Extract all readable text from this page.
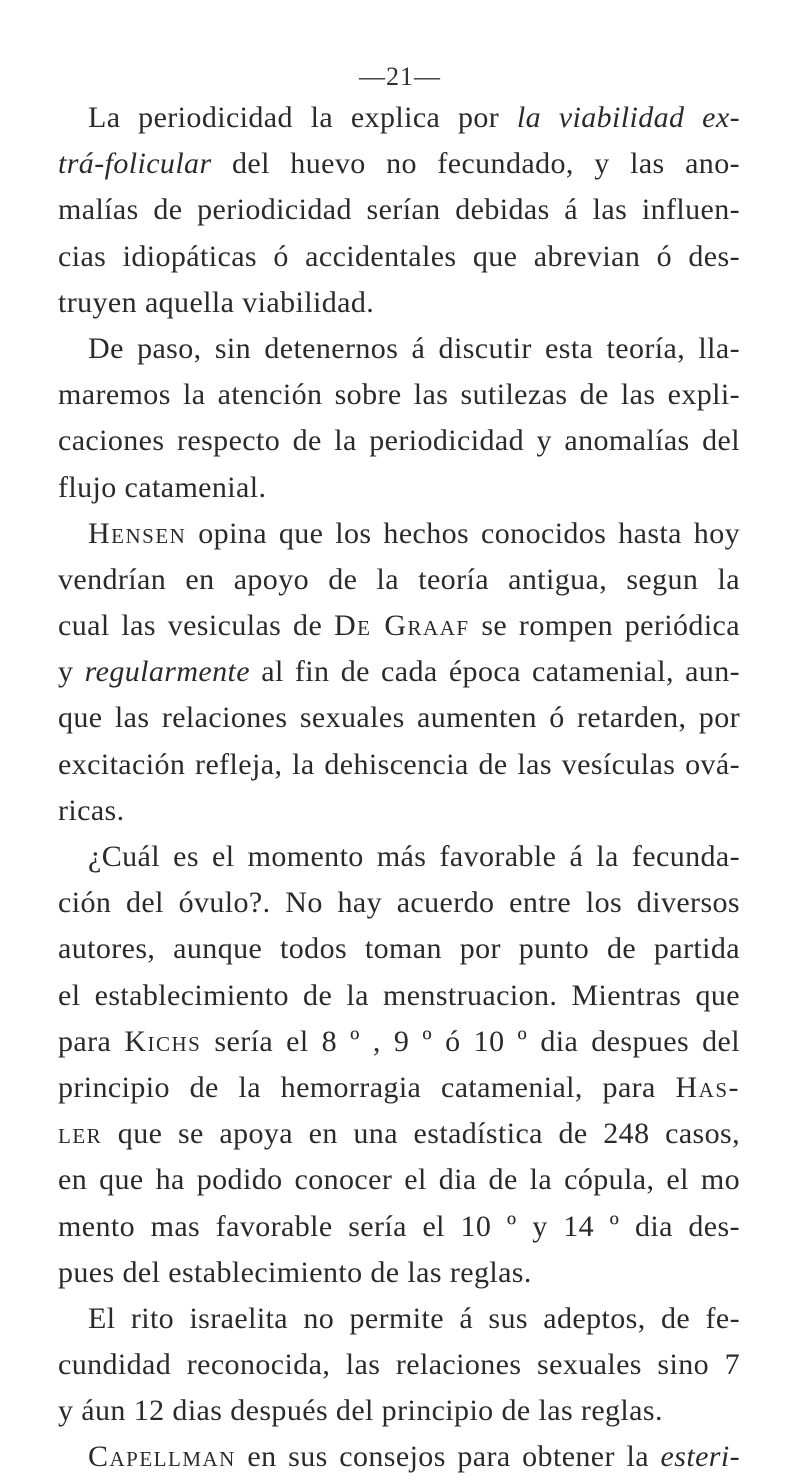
—21—
La periodicidad la explica por la viabilidad ex-
trá-folicular del huevo no fecundado, y las ano-
malías de periodicidad serían debidas á las influen-
cias idiopáticas ó accidentales que abrevian ó des-
truyen aquella viabilidad.
De paso, sin detenernos á discutir esta teoría, lla-
maremos la atención sobre las sutilezas de las expli-
caciones respecto de la periodicidad y anomalías del
flujo catamenial.
Hensen opina que los hechos conocidos hasta hoy
vendrían en apoyo de la teoría antigua, segun la
cual las vesiculas de De Graaf se rompen periódica
y regularmente al fin de cada época catamenial, aun-
que las relaciones sexuales aumenten ó retarden, por
excitación refleja, la dehiscencia de las vesículas ová-
ricas.
¿Cuál es el momento más favorable á la fecunda-
ción del óvulo?. No hay acuerdo entre los diversos
autores, aunque todos toman por punto de partida
el establecimiento de la menstruacion. Mientras que
para Kichs sería el 8 º , 9 º ó 10 º dia despues del
principio de la hemorragia catamenial, para Has-
ler que se apoya en una estadística de 248 casos,
en que ha podido conocer el dia de la cópula, el mo
mento mas favorable sería el 10 º y 14 º dia des-
pues del establecimiento de las reglas.
El rito israelita no permite á sus adeptos, de fe-
cundidad reconocida, las relaciones sexuales sino 7
y áun 12 dias después del principio de las reglas.
Capellman en sus consejos para obtener la esteri-
